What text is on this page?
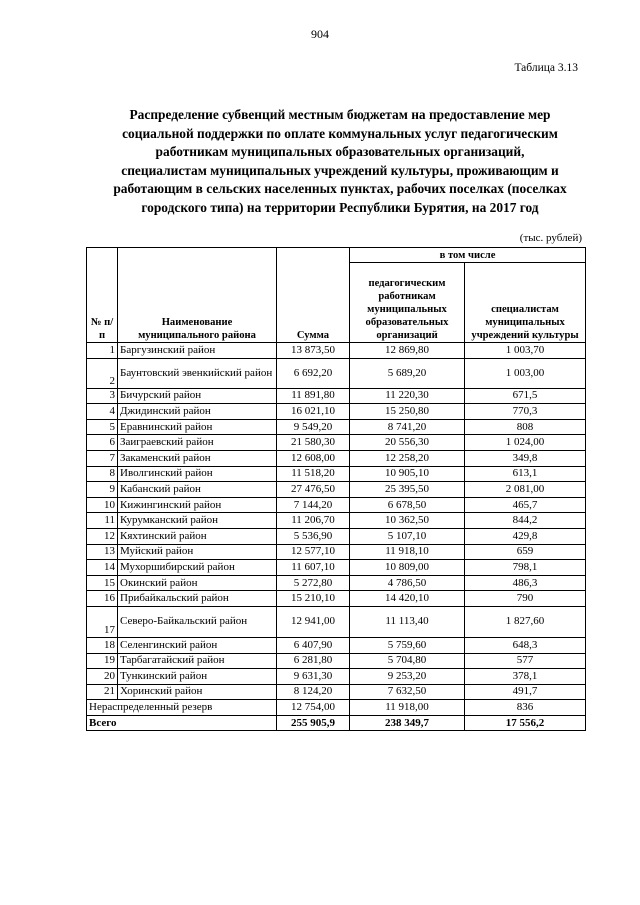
904
Таблица 3.13
Распределение субвенций местным бюджетам на предоставление мер
социальной поддержки по оплате коммунальных услуг педагогическим
работникам муниципальных образовательных организаций,
специалистам муниципальных учреждений культуры, проживающим и
работающим в сельских населенных пунктах, рабочих поселках (поселках
городского типа) на территории Республики Бурятия, на 2017 год
(тыс. рублей)
№ п/п	Наименование муниципального района	Сумма	в том числе	
			педагогическим работникам муниципальных образовательных организаций	специалистам муниципальных учреждений культуры
1	Баргузинский район	13 873,50	12 869,80	1 003,70
2	Баунтовский эвенкийский район	6 692,20	5 689,20	1 003,00
3	Бичурский район	11 891,80	11 220,30	671,5
4	Джидинский район	16 021,10	15 250,80	770,3
5	Еравнинский район	9 549,20	8 741,20	808
6	Заиграевский район	21 580,30	20 556,30	1 024,00
7	Закаменский район	12 608,00	12 258,20	349,8
8	Иволгинский район	11 518,20	10 905,10	613,1
9	Кабанский район	27 476,50	25 395,50	2 081,00
10	Кижингинский район	7 144,20	6 678,50	465,7
11	Курумканский район	11 206,70	10 362,50	844,2
12	Кяхтинский район	5 536,90	5 107,10	429,8
13	Муйский район	12 577,10	11 918,10	659
14	Мухоршибирский район	11 607,10	10 809,00	798,1
15	Окинский район	5 272,80	4 786,50	486,3
16	Прибайкальский район	15 210,10	14 420,10	790
17	Северо-Байкальский район	12 941,00	11 113,40	1 827,60
18	Селенгинский район	6 407,90	5 759,60	648,3
19	Тарбагатайский район	6 281,80	5 704,80	577
20	Тункинский район	9 631,30	9 253,20	378,1
21	Хоринский район	8 124,20	7 632,50	491,7
Нераспределенный резерв		12 754,00	11 918,00	836
Всего		255 905,9	238 349,7	17 556,2
